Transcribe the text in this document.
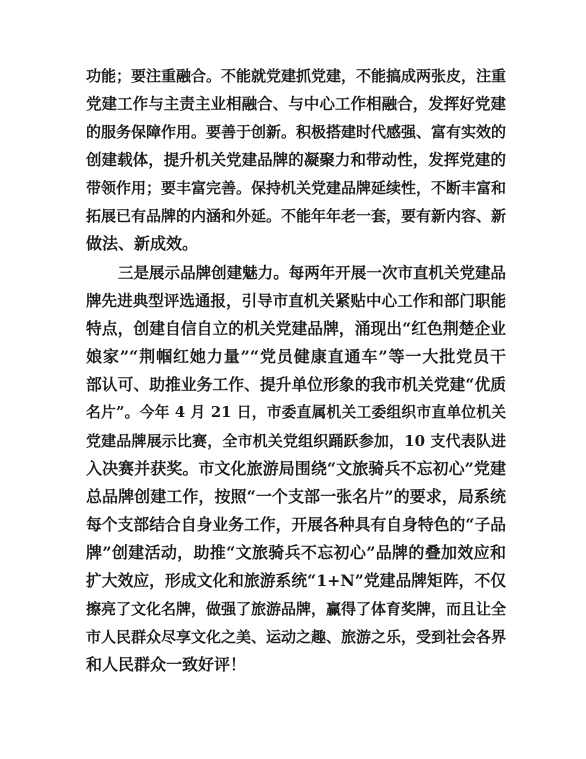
功能；要注重融合。不能就党建抓党建，不能搞成两张皮，注重
党建工作与主责主业相融合、与中心工作相融合，发挥好党建
的服务保障作用。要善于创新。积极搭建时代感强、富有实效的
创建载体，提升机关党建品牌的凝聚力和带动性，发挥党建的
带领作用；要丰富完善。保持机关党建品牌延续性，不断丰富和
拓展已有品牌的内涵和外延。不能年年老一套，要有新内容、新
做法、新成效。
三是展示品牌创建魅力。每两年开展一次市直机关党建品
牌先进典型评选通报，引导市直机关紧贴中心工作和部门职能
特点，创建自信自立的机关党建品牌，涌现出“红色荆楚企业
娘家”“荆帼红她力量”“党员健康直通车”等一大批党员干
部认可、助推业务工作、提升单位形象的我市机关党建“优质
名片”。今年 4 月 21 日，市委直属机关工委组织市直单位机关
党建品牌展示比赛，全市机关党组织踊跃参加，10 支代表队进
入决赛并获奖。市文化旅游局围绕“文旅骑兵不忘初心”党建
总品牌创建工作，按照“一个支部一张名片”的要求，局系统
每个支部结合自身业务工作，开展各种具有自身特色的“子品
牌”创建活动，助推“文旅骑兵不忘初心”品牌的叠加效应和
扩大效应，形成文化和旅游系统“1+N”党建品牌矩阵，不仅
擦亮了文化名牌，做强了旅游品牌，赢得了体育奖牌，而且让全
市人民群众尽享文化之美、运动之趣、旅游之乐，受到社会各界
和人民群众一致好评！
